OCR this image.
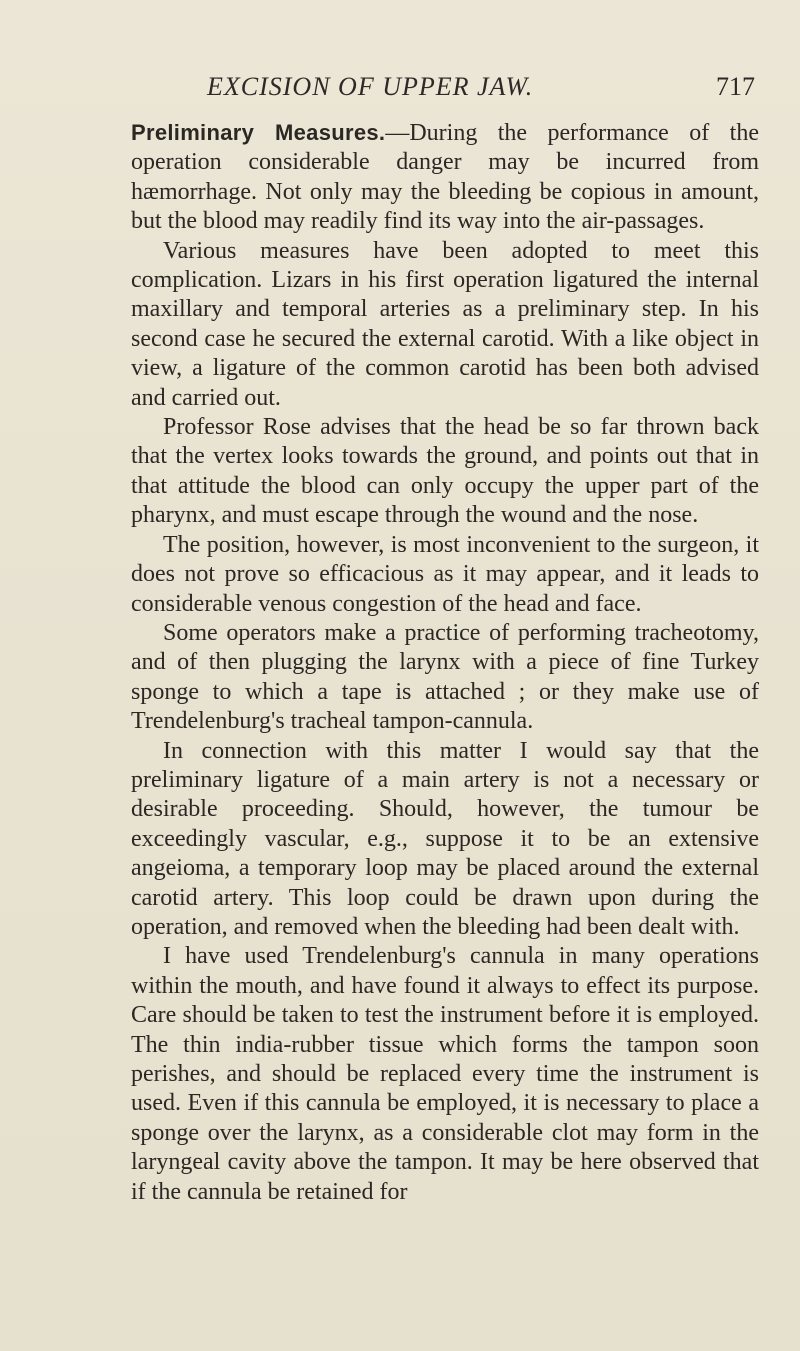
EXCISION OF UPPER JAW.	717

Preliminary Measures.—During the performance of the operation considerable danger may be incurred from hæmorrhage. Not only may the bleeding be copious in amount, but the blood may readily find its way into the air-passages.

Various measures have been adopted to meet this complication. Lizars in his first operation ligatured the internal maxillary and temporal arteries as a preliminary step. In his second case he secured the external carotid. With a like object in view, a ligature of the common carotid has been both advised and carried out.

Professor Rose advises that the head be so far thrown back that the vertex looks towards the ground, and points out that in that attitude the blood can only occupy the upper part of the pharynx, and must escape through the wound and the nose.

The position, however, is most inconvenient to the surgeon, it does not prove so efficacious as it may appear, and it leads to considerable venous congestion of the head and face.

Some operators make a practice of performing tracheotomy, and of then plugging the larynx with a piece of fine Turkey sponge to which a tape is attached ; or they make use of Trendelenburg's tracheal tampon-cannula.

In connection with this matter I would say that the preliminary ligature of a main artery is not a necessary or desirable proceeding. Should, however, the tumour be exceedingly vascular, e.g., suppose it to be an extensive angeioma, a temporary loop may be placed around the external carotid artery. This loop could be drawn upon during the operation, and removed when the bleeding had been dealt with.

I have used Trendelenburg's cannula in many operations within the mouth, and have found it always to effect its purpose. Care should be taken to test the instrument before it is employed. The thin india-rubber tissue which forms the tampon soon perishes, and should be replaced every time the instrument is used. Even if this cannula be employed, it is necessary to place a sponge over the larynx, as a considerable clot may form in the laryngeal cavity above the tampon. It may be here observed that if the cannula be retained for
